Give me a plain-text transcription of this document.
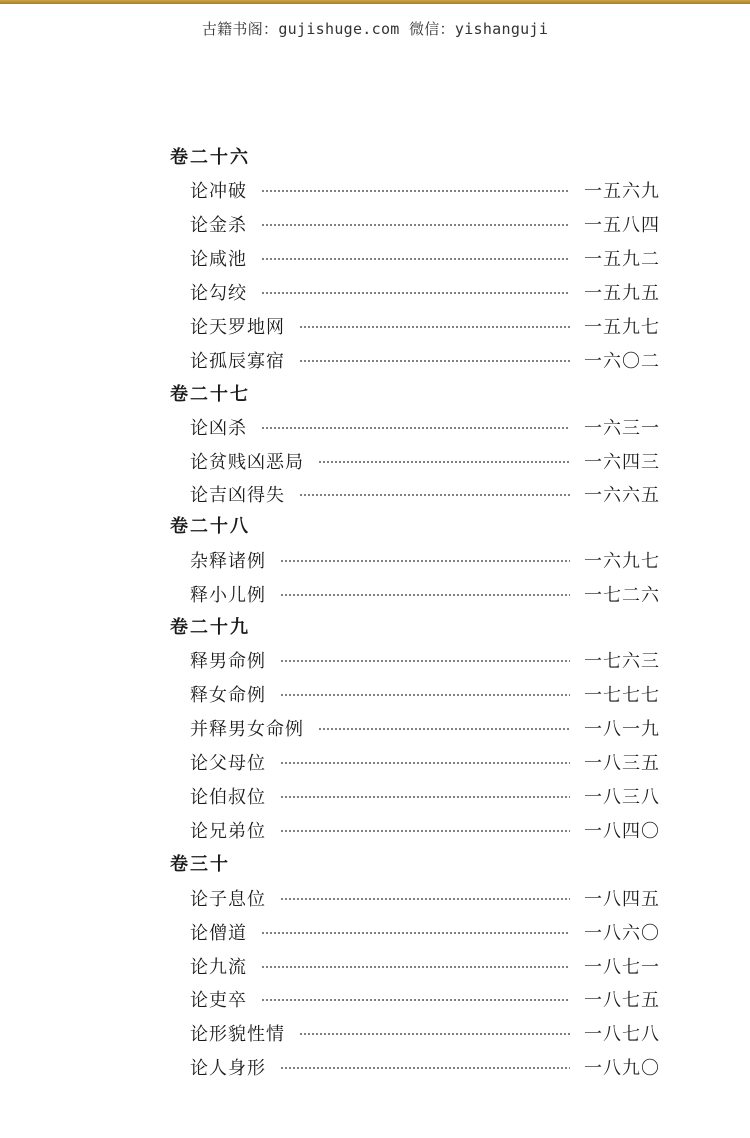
古籍书阁：gujishuge.com 微信：yishanguji
卷二十六
论冲破	一五六九
论金杀	一五八四
论咸池	一五九二
论勾绞	一五九五
论天罗地网	一五九七
论孤辰寡宿	一六〇二
卷二十七
论凶杀	一六三一
论贫贱凶恶局	一六四三
论吉凶得失	一六六五
卷二十八
杂释诸例	一六九七
释小儿例	一七二六
卷二十九
释男命例	一七六三
释女命例	一七七七
并释男女命例	一八一九
论父母位	一八三五
论伯叔位	一八三八
论兄弟位	一八四〇
卷三十
论子息位	一八四五
论僧道	一八六〇
论九流	一八七一
论吏卒	一八七五
论形貌性情	一八七八
论人身形	一八九〇
